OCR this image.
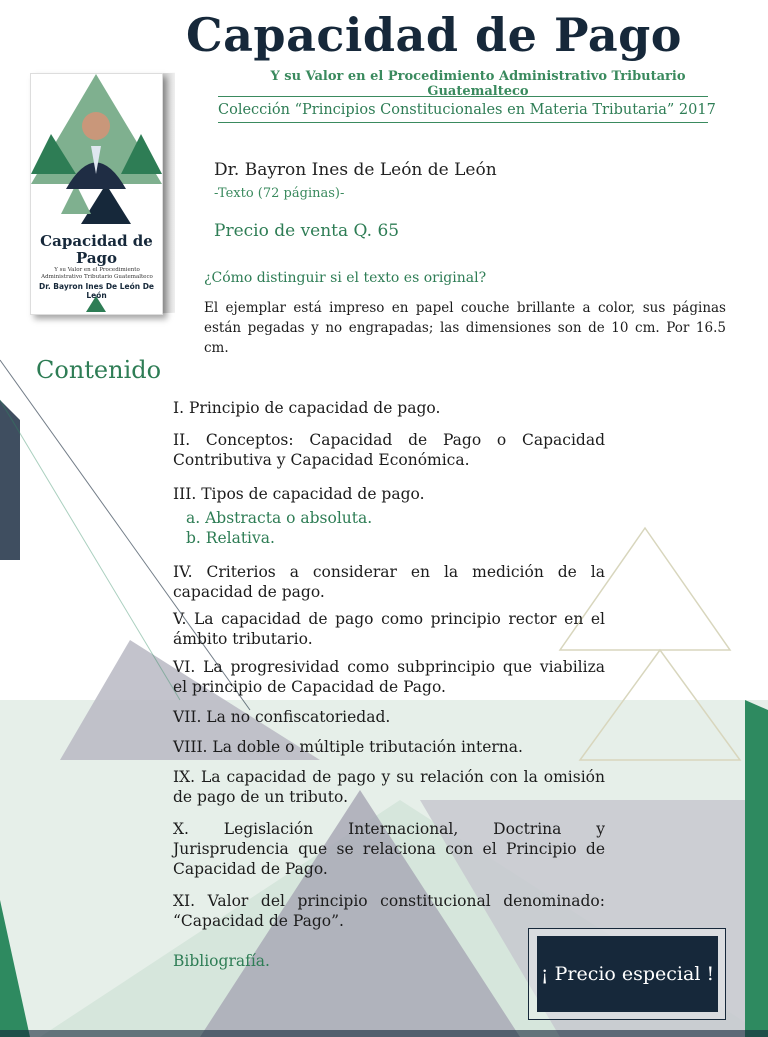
Capacidad de
Pago
Y su Valor en el Procedimiento Administrativo Tributario Guatemalteco
Dr. Bayron Ines De León De León
Capacidad de Pago
Y su Valor en el Procedimiento Administrativo Tributario Guatemalteco
Colección “Principios Constitucionales en Materia Tributaria” 2017
Dr. Bayron Ines de León de León
-Texto (72 páginas)-
Precio de venta Q. 65
¿Cómo distinguir si el texto es original?
El ejemplar está impreso en papel couche brillante a color, sus páginas están pegadas y no engrapadas; las dimensiones son de 10 cm. Por 16.5 cm.
Contenido
I. Principio de capacidad de pago.
II. Conceptos: Capacidad de Pago o Capacidad Contributiva y Capacidad Económica.
III. Tipos de capacidad de pago.
a. Abstracta o absoluta.
b. Relativa.
IV. Criterios a considerar en la medición de la capacidad de pago.
V. La capacidad de pago como principio rector en el ámbito tributario.
VI. La progresividad como subprincipio que viabiliza el principio de Capacidad de Pago.
VII. La no confiscatoriedad.
VIII. La doble o múltiple tributación interna.
IX. La capacidad de pago y su relación con la omisión de pago de un tributo.
X. Legislación Internacional, Doctrina y Jurisprudencia que se relaciona con el Principio de Capacidad de Pago.
XI. Valor del principio constitucional denominado: “Capacidad de Pago”.
Bibliografía.
¡ Precio especial !
